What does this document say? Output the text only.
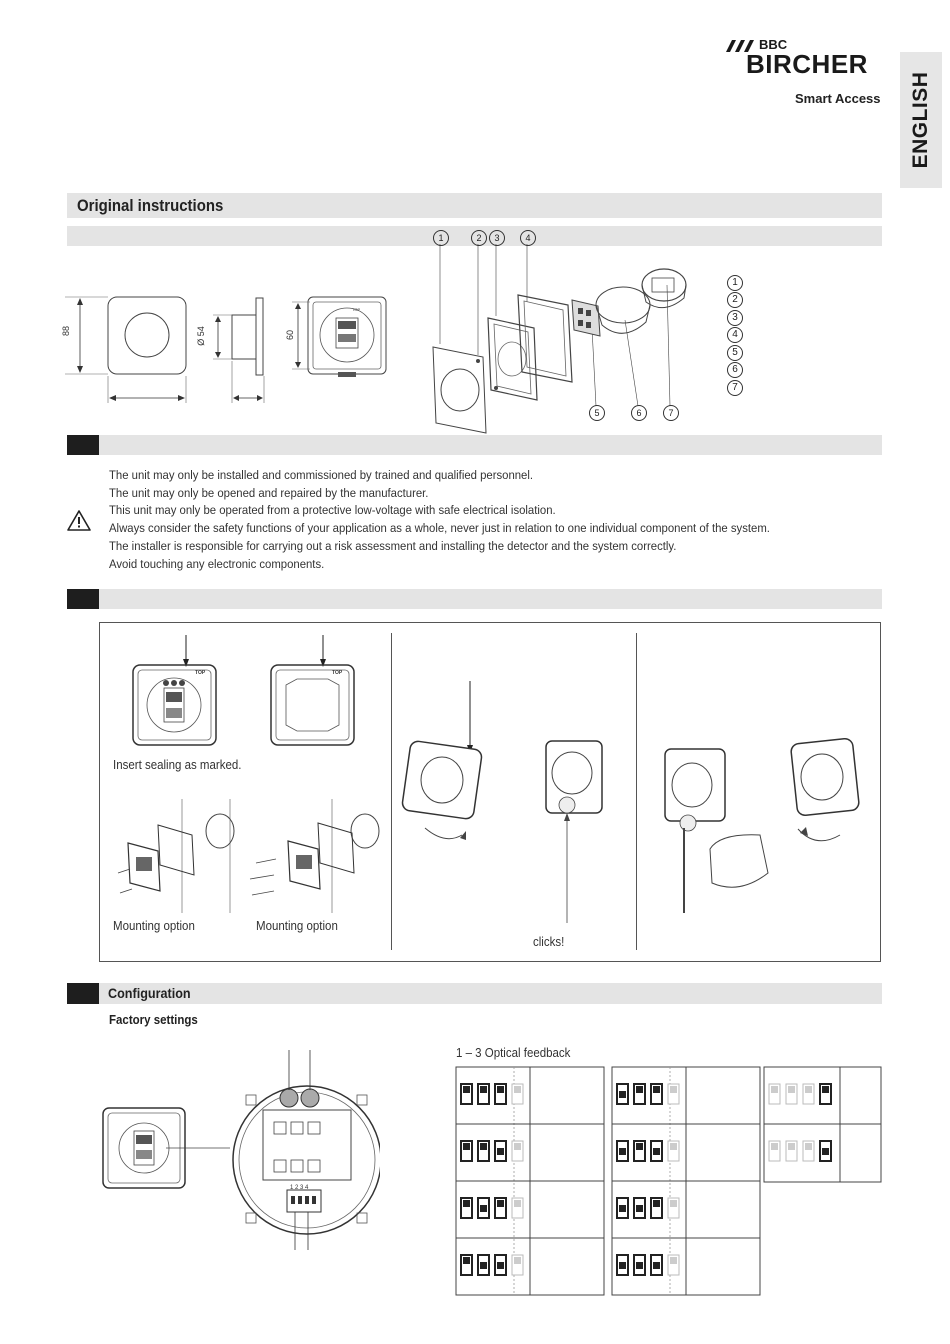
BBC
BIRCHER
Smart Access ENGLISH
Original instructions
Configuration
TOP
88	Ø 54	60
1	2	3	4
5	6	7
1
2
3
4
5
6
7

The unit may only be installed and commissioned by trained and qualified personnel.

The unit may only be opened and repaired by the manufacturer.

This unit may only be operated from a protective low-voltage with safe electrical isolation.

Always consider the safety functions of your application as a whole, never just in relation to one individual component of the system.

The installer is responsible for carrying out a risk assessment and installing the detector and the system correctly.

Avoid touching any electronic components.

TOP	TOP
Insert sealing as marked.
Mounting option	Mounting option
clicks!
Factory settings
1 2 3 4
1 – 3 Optical feedback
